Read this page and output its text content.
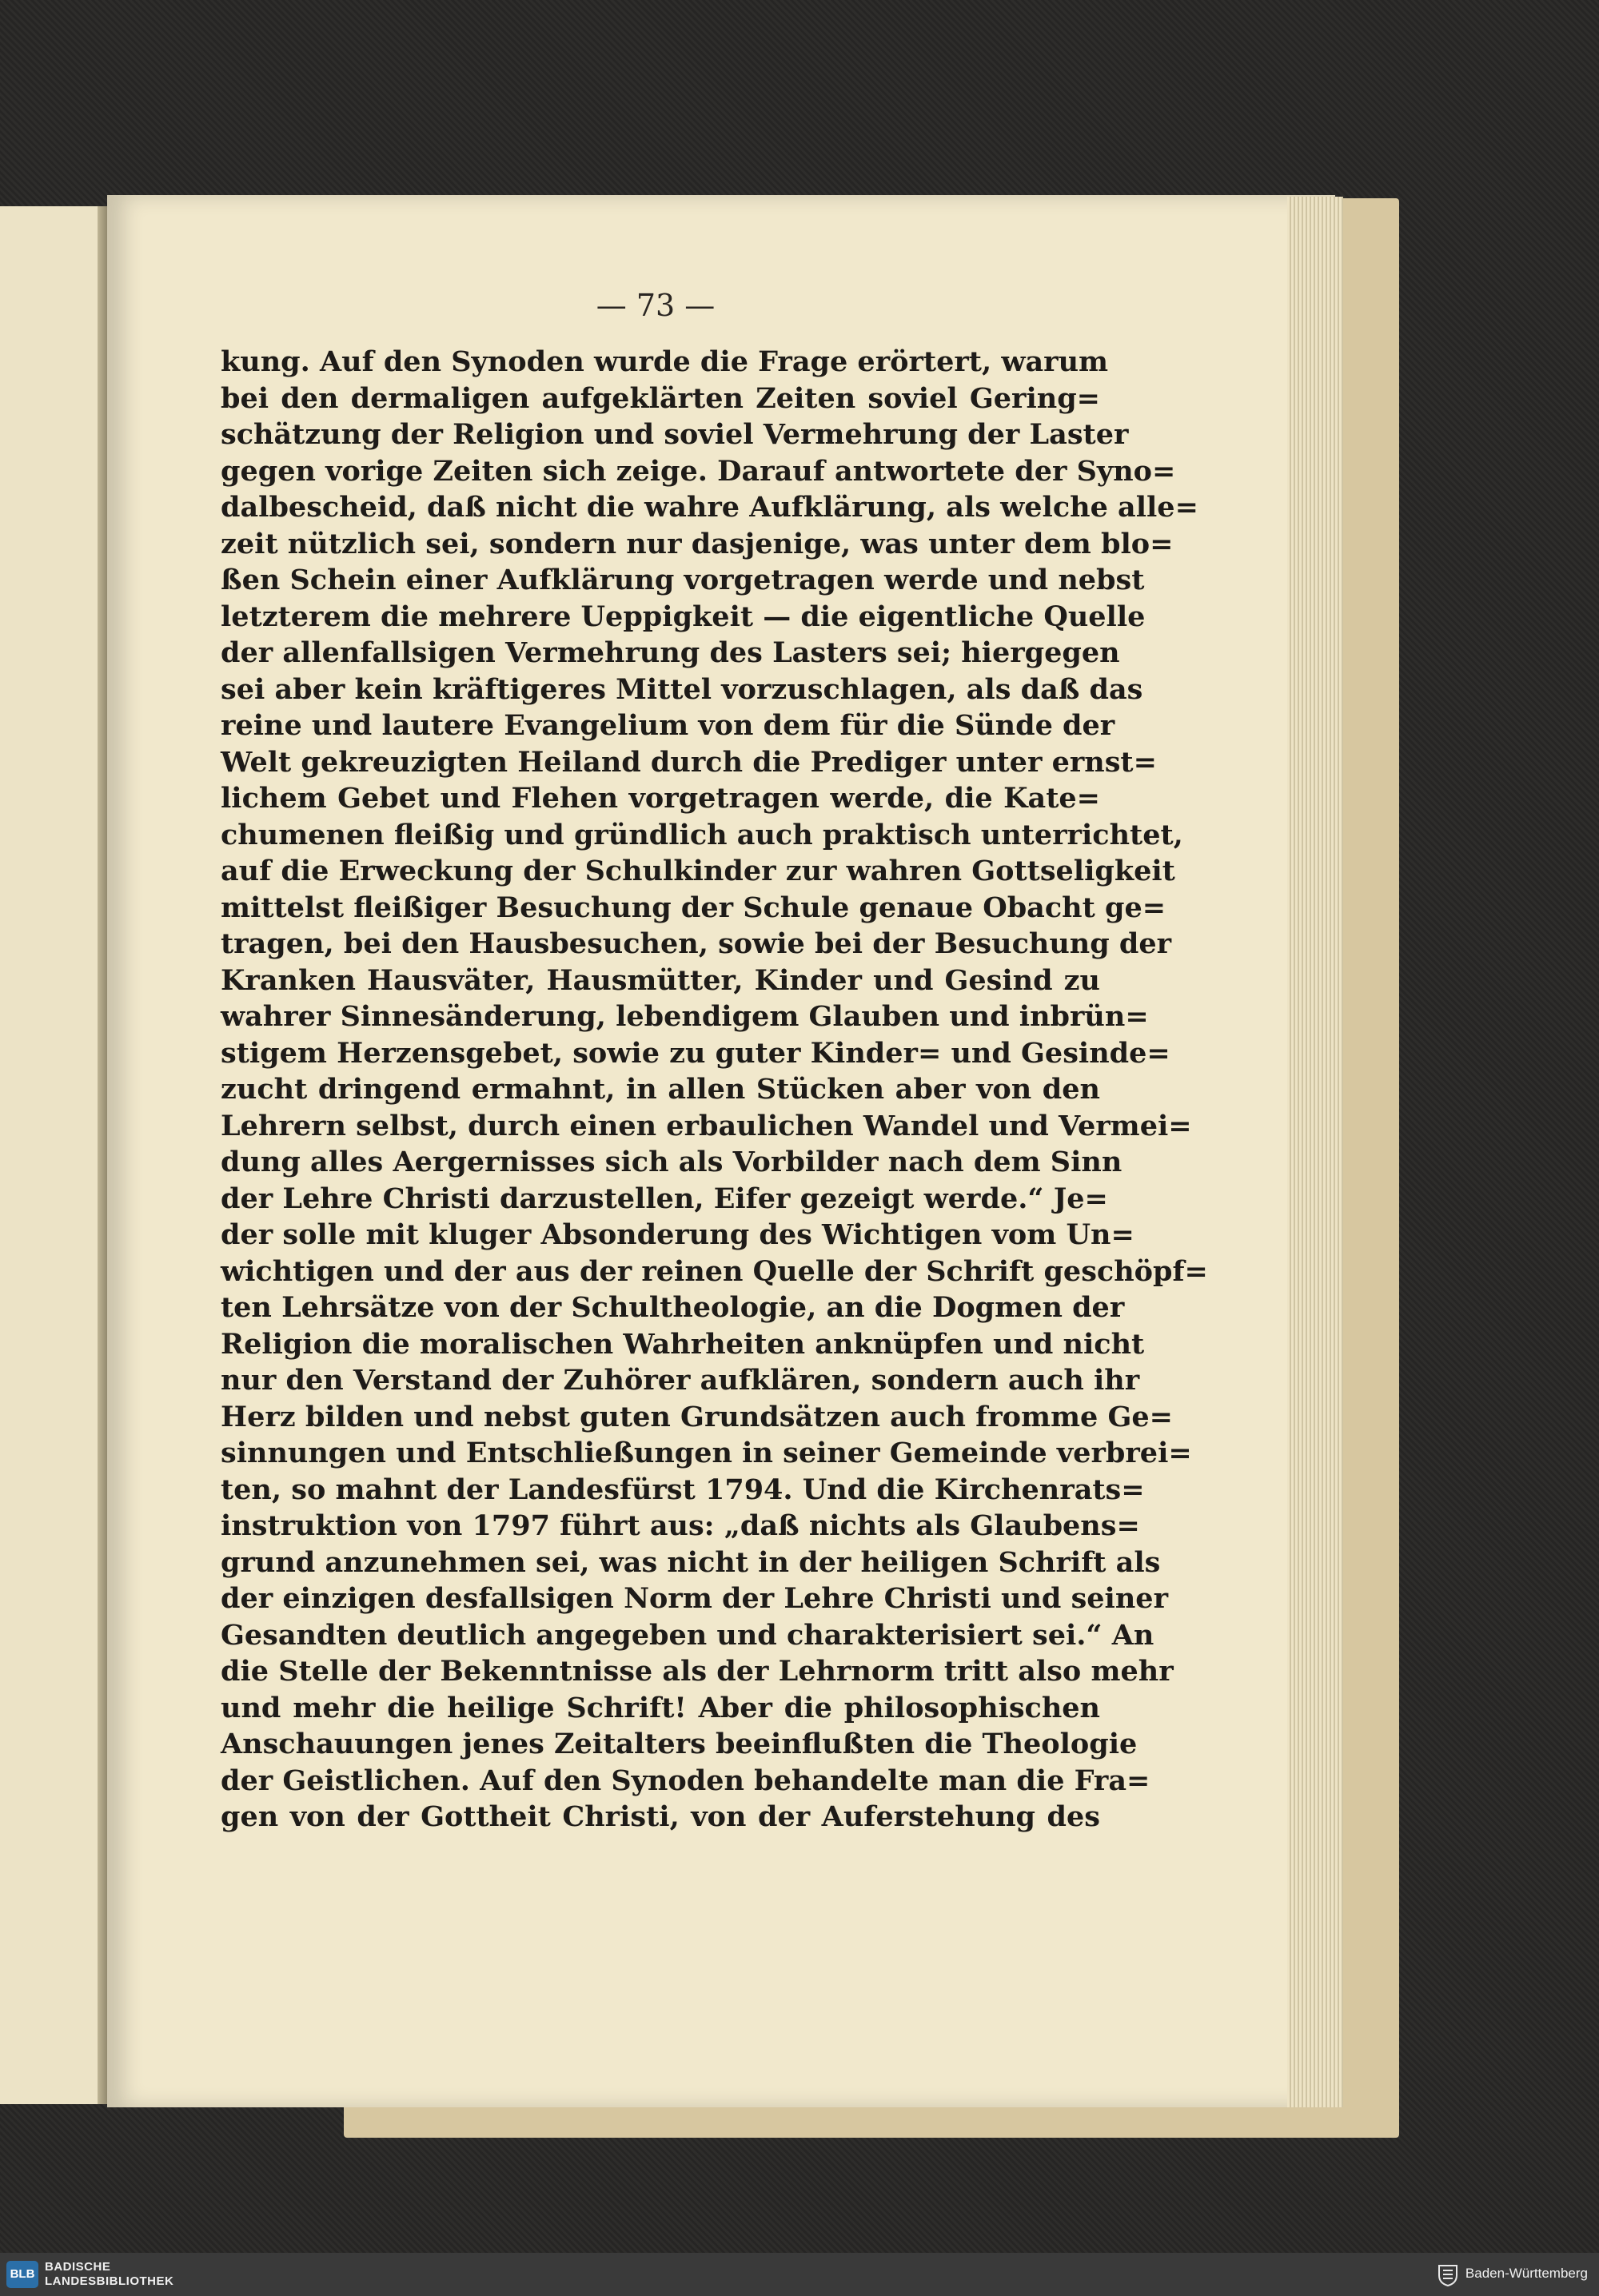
— 73 —
kung. Auf den Synoden wurde die Frage erörtert, warum
bei den dermaligen aufgeklärten Zeiten soviel Gering=
schätzung der Religion und soviel Vermehrung der Laster
gegen vorige Zeiten sich zeige. Darauf antwortete der Syno=
dalbescheid, daß nicht die wahre Aufklärung, als welche alle=
zeit nützlich sei, sondern nur dasjenige, was unter dem blo=
ßen Schein einer Aufklärung vorgetragen werde und nebst
letzterem die mehrere Ueppigkeit — die eigentliche Quelle
der allenfallsigen Vermehrung des Lasters sei; hiergegen
sei aber kein kräftigeres Mittel vorzuschlagen, als daß das
reine und lautere Evangelium von dem für die Sünde der
Welt gekreuzigten Heiland durch die Prediger unter ernst=
lichem Gebet und Flehen vorgetragen werde, die Kate=
chumenen fleißig und gründlich auch praktisch unterrichtet,
auf die Erweckung der Schulkinder zur wahren Gottseligkeit
mittelst fleißiger Besuchung der Schule genaue Obacht ge=
tragen, bei den Hausbesuchen, sowie bei der Besuchung der
Kranken Hausväter, Hausmütter, Kinder und Gesind zu
wahrer Sinnesänderung, lebendigem Glauben und inbrün=
stigem Herzensgebet, sowie zu guter Kinder= und Gesinde=
zucht dringend ermahnt, in allen Stücken aber von den
Lehrern selbst, durch einen erbaulichen Wandel und Vermei=
dung alles Aergernisses sich als Vorbilder nach dem Sinn
der Lehre Christi darzustellen, Eifer gezeigt werde.“ Je=
der solle mit kluger Absonderung des Wichtigen vom Un=
wichtigen und der aus der reinen Quelle der Schrift geschöpf=
ten Lehrsätze von der Schultheologie, an die Dogmen der
Religion die moralischen Wahrheiten anknüpfen und nicht
nur den Verstand der Zuhörer aufklären, sondern auch ihr
Herz bilden und nebst guten Grundsätzen auch fromme Ge=
sinnungen und Entschließungen in seiner Gemeinde verbrei=
ten, so mahnt der Landesfürst 1794. Und die Kirchenrats=
instruktion von 1797 führt aus: „daß nichts als Glaubens=
grund anzunehmen sei, was nicht in der heiligen Schrift als
der einzigen desfallsigen Norm der Lehre Christi und seiner
Gesandten deutlich angegeben und charakterisiert sei.“ An
die Stelle der Bekenntnisse als der Lehrnorm tritt also mehr
und mehr die heilige Schrift! Aber die philosophischen
Anschauungen jenes Zeitalters beeinflußten die Theologie
der Geistlichen. Auf den Synoden behandelte man die Fra=
gen von der Gottheit Christi, von der Auferstehung des
BLB
BADISCHE
LANDESBIBLIOTHEK
Baden-Württemberg
